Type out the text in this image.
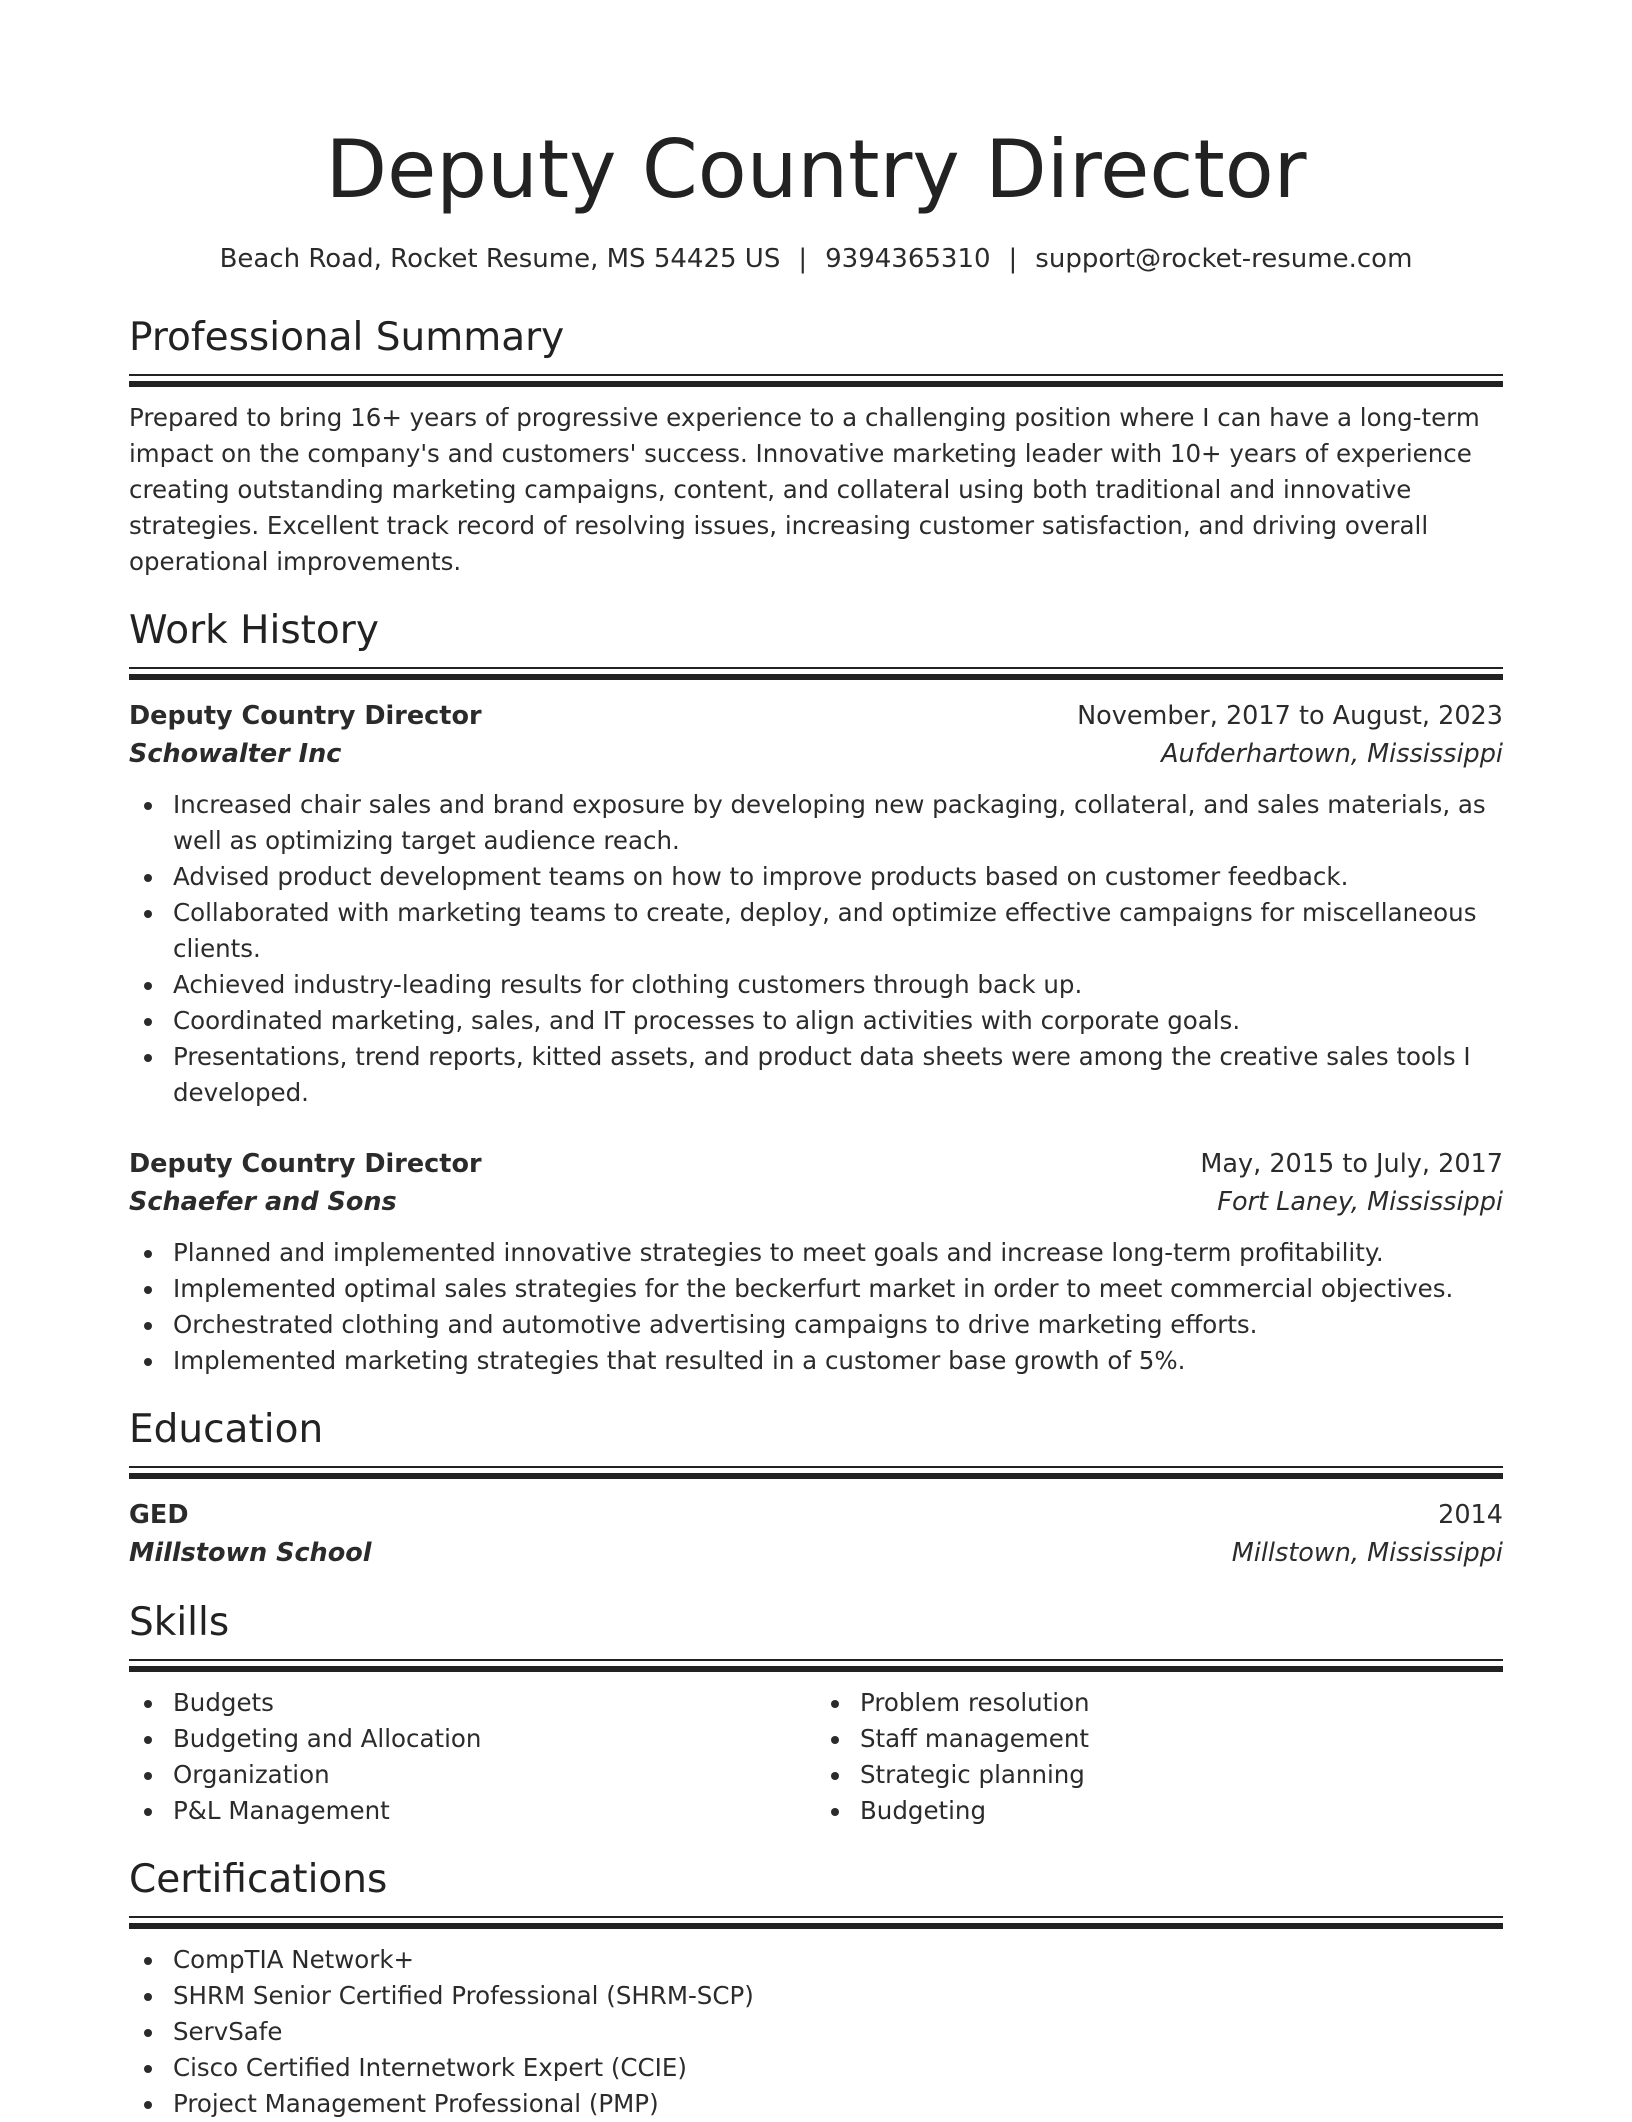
Deputy Country Director
Beach Road, Rocket Resume, MS 54425 US | 9394365310 | support@rocket-resume.com
Professional Summary
Prepared to bring 16+ years of progressive experience to a challenging position where I can have a long-term impact on the company's and customers' success. Innovative marketing leader with 10+ years of experience creating outstanding marketing campaigns, content, and collateral using both traditional and innovative strategies. Excellent track record of resolving issues, increasing customer satisfaction, and driving overall operational improvements.
Work History
Deputy Country Director	November, 2017 to August, 2023
Schowalter Inc	Aufderhartown, Mississippi
Increased chair sales and brand exposure by developing new packaging, collateral, and sales materials, as well as optimizing target audience reach.
Advised product development teams on how to improve products based on customer feedback.
Collaborated with marketing teams to create, deploy, and optimize effective campaigns for miscellaneous clients.
Achieved industry-leading results for clothing customers through back up.
Coordinated marketing, sales, and IT processes to align activities with corporate goals.
Presentations, trend reports, kitted assets, and product data sheets were among the creative sales tools I developed.
Deputy Country Director	May, 2015 to July, 2017
Schaefer and Sons	Fort Laney, Mississippi
Planned and implemented innovative strategies to meet goals and increase long-term profitability.
Implemented optimal sales strategies for the beckerfurt market in order to meet commercial objectives.
Orchestrated clothing and automotive advertising campaigns to drive marketing efforts.
Implemented marketing strategies that resulted in a customer base growth of 5%.
Education
GED	2014
Millstown School	Millstown, Mississippi
Skills
Budgets
Budgeting and Allocation
Organization
P&L Management
Problem resolution
Staff management
Strategic planning
Budgeting
Certifications
CompTIA Network+
SHRM Senior Certified Professional (SHRM-SCP)
ServSafe
Cisco Certified Internetwork Expert (CCIE)
Project Management Professional (PMP)
